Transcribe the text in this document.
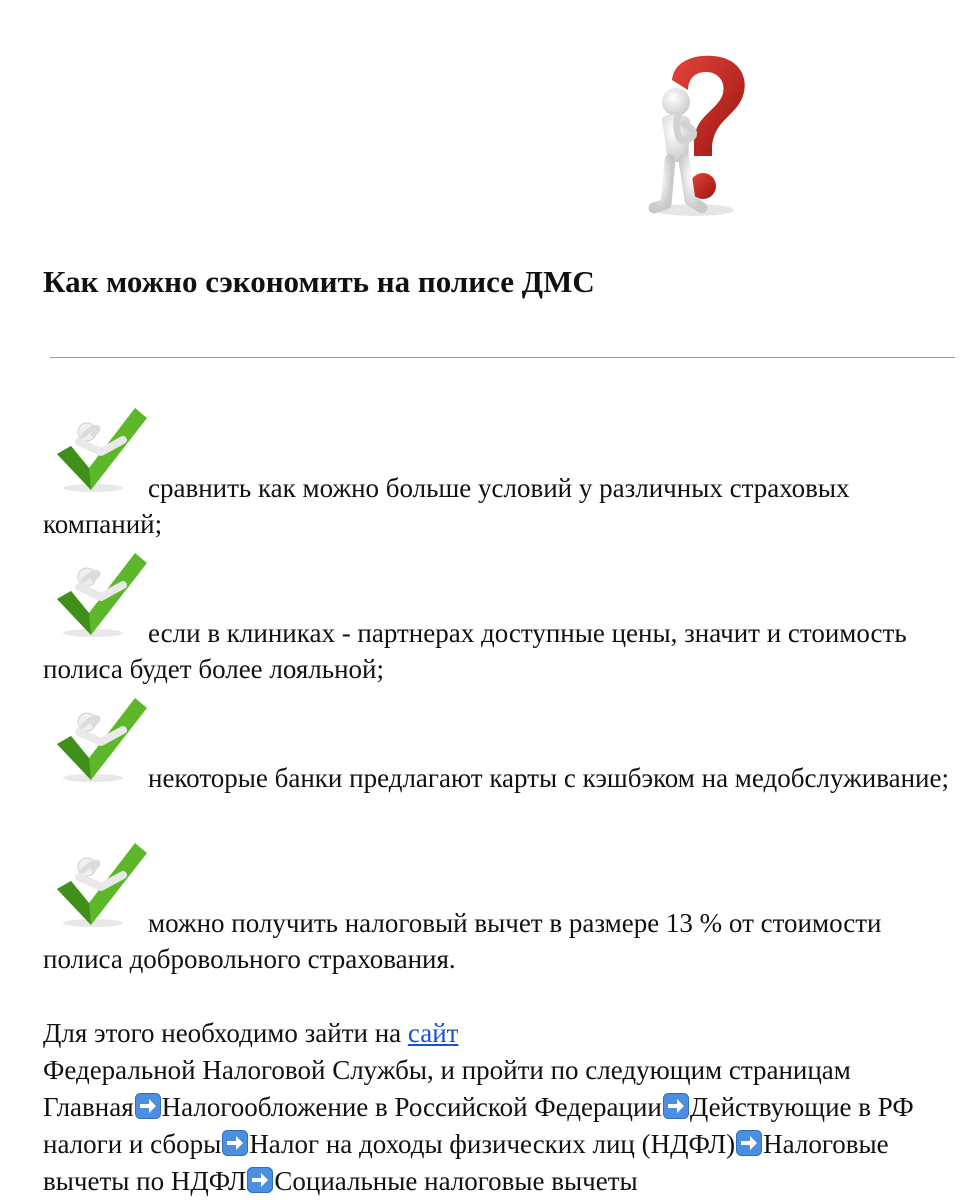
Как можно сэкономить на полисе ДМС

сравнить как можно больше условий у различных страховых компаний;

если в клиниках - партнерах доступные цены, значит и стоимость полиса будет более лояльной;

некоторые банки предлагают карты с кэшбэком на медобслуживание;

можно получить налоговый вычет в размере 13 % от стоимости полиса добровольного страхования.

Для этого необходимо зайти на сайт
Федеральной Налоговой Службы, и пройти по следующим страницам
Главная Налогообложение в Российской Федерации Действующие в РФ налоги и сборы Налог на доходы физических лиц (НДФЛ) Налоговые вычеты по НДФЛ Социальные налоговые вычеты
